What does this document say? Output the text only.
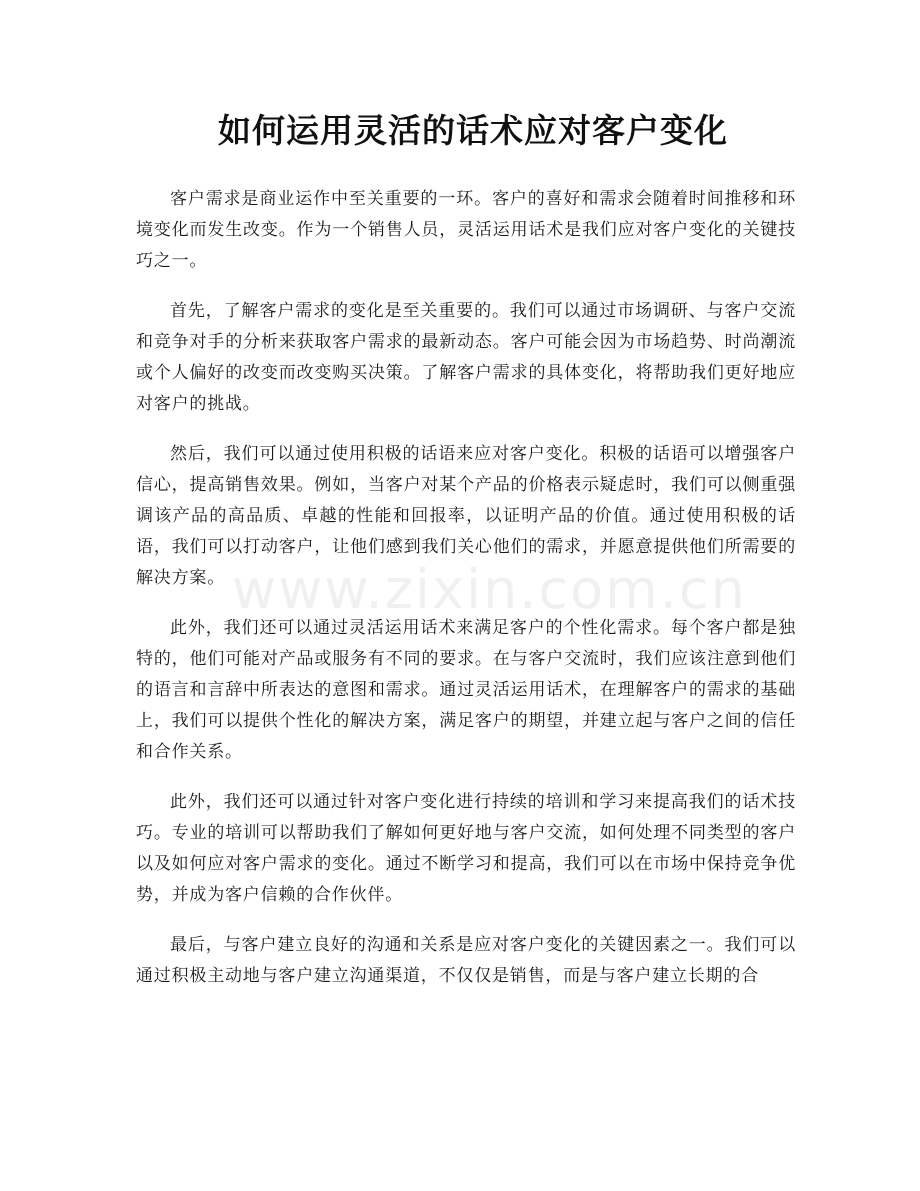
如何运用灵活的话术应对客户变化

客户需求是商业运作中至关重要的一环。客户的喜好和需求会随着时间推移和环境变化而发生改变。作为一个销售人员，灵活运用话术是我们应对客户变化的关键技巧之一。

首先，了解客户需求的变化是至关重要的。我们可以通过市场调研、与客户交流和竞争对手的分析来获取客户需求的最新动态。客户可能会因为市场趋势、时尚潮流或个人偏好的改变而改变购买决策。了解客户需求的具体变化，将帮助我们更好地应对客户的挑战。

然后，我们可以通过使用积极的话语来应对客户变化。积极的话语可以增强客户信心，提高销售效果。例如，当客户对某个产品的价格表示疑虑时，我们可以侧重强调该产品的高品质、卓越的性能和回报率，以证明产品的价值。通过使用积极的话语，我们可以打动客户，让他们感到我们关心他们的需求，并愿意提供他们所需要的解决方案。

此外，我们还可以通过灵活运用话术来满足客户的个性化需求。每个客户都是独特的，他们可能对产品或服务有不同的要求。在与客户交流时，我们应该注意到他们的语言和言辞中所表达的意图和需求。通过灵活运用话术，在理解客户的需求的基础上，我们可以提供个性化的解决方案，满足客户的期望，并建立起与客户之间的信任和合作关系。

此外，我们还可以通过针对客户变化进行持续的培训和学习来提高我们的话术技巧。专业的培训可以帮助我们了解如何更好地与客户交流，如何处理不同类型的客户以及如何应对客户需求的变化。通过不断学习和提高，我们可以在市场中保持竞争优势，并成为客户信赖的合作伙伴。

最后，与客户建立良好的沟通和关系是应对客户变化的关键因素之一。我们可以通过积极主动地与客户建立沟通渠道，不仅仅是销售，而是与客户建立长期的合

www.zixin.com.cn
